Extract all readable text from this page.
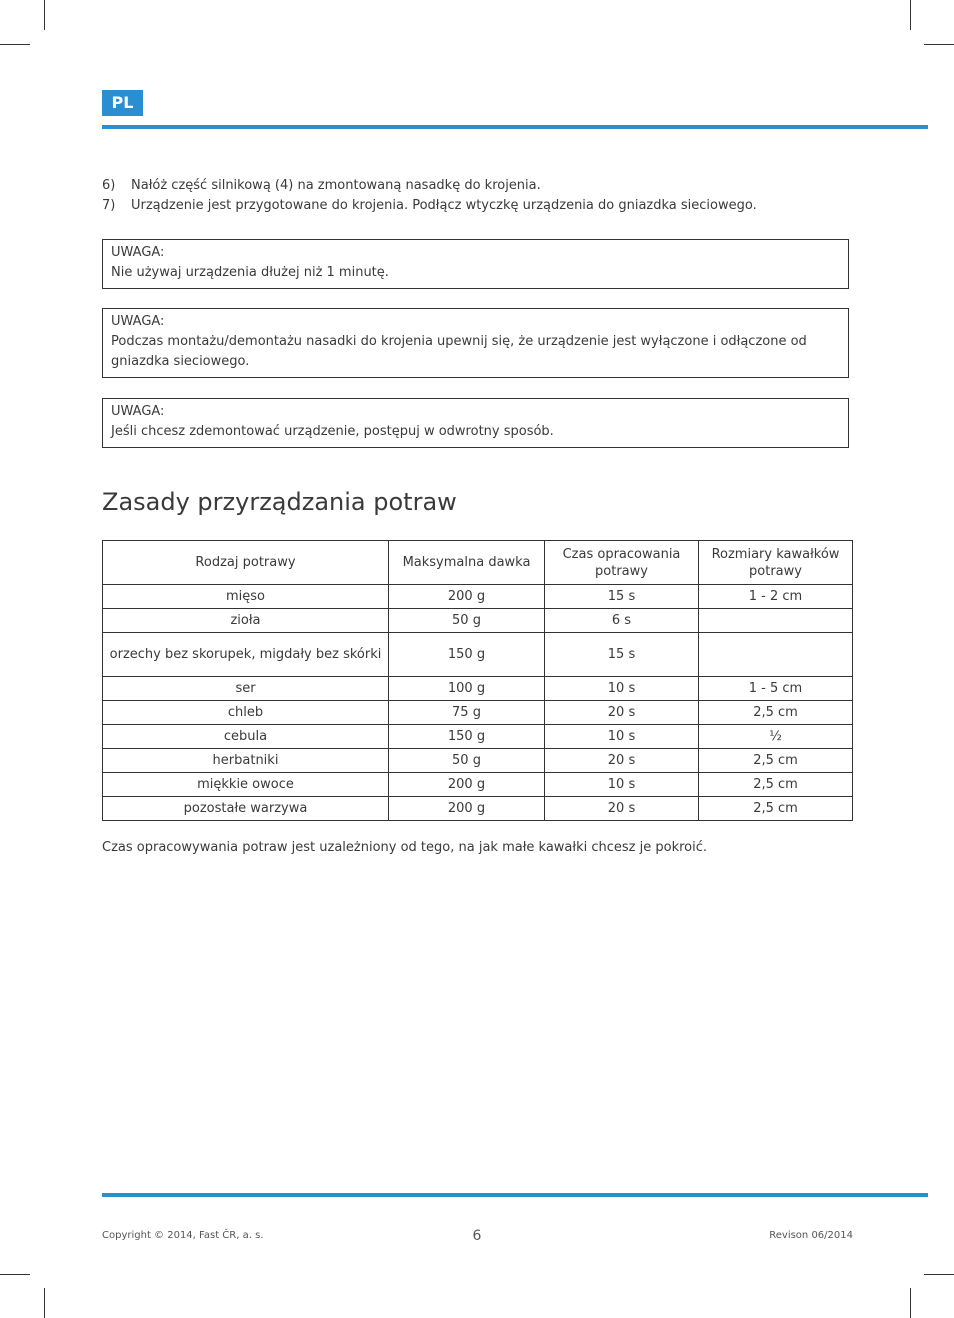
PL
6)	Nałóż część silnikową (4) na zmontowaną nasadkę do krojenia.
7)	Urządzenie jest przygotowane do krojenia. Podłącz wtyczkę urządzenia do gniazdka sieciowego.

UWAGA:

Nie używaj urządzenia dłużej niż 1 minutę.

UWAGA:

Podczas montażu/demontażu nasadki do krojenia upewnij się, że urządzenie jest wyłączone i odłączone od gniazdka sieciowego.

UWAGA:

Jeśli chcesz zdemontować urządzenie, postępuj w odwrotny sposób.

Zasady przyrządzania potraw
Rodzaj potrawy	Maksymalna dawka	Czas opracowania potrawy	Rozmiary kawałków potrawy
mięso	200 g	15 s	1 - 2 cm
zioła	50 g	6 s	
orzechy bez skorupek, migdały bez skórki	150 g	15 s	
ser	100 g	10 s	1 - 5 cm
chleb	75 g	20 s	2,5 cm
cebula	150 g	10 s	½
herbatniki	50 g	20 s	2,5 cm
miękkie owoce	200 g	10 s	2,5 cm
pozostałe warzywa	200 g	20 s	2,5 cm

Czas opracowywania potraw jest uzależniony od tego, na jak małe kawałki chcesz je pokroić.

Copyright © 2014, Fast ČR, a. s.	6	Revison 06/2014
